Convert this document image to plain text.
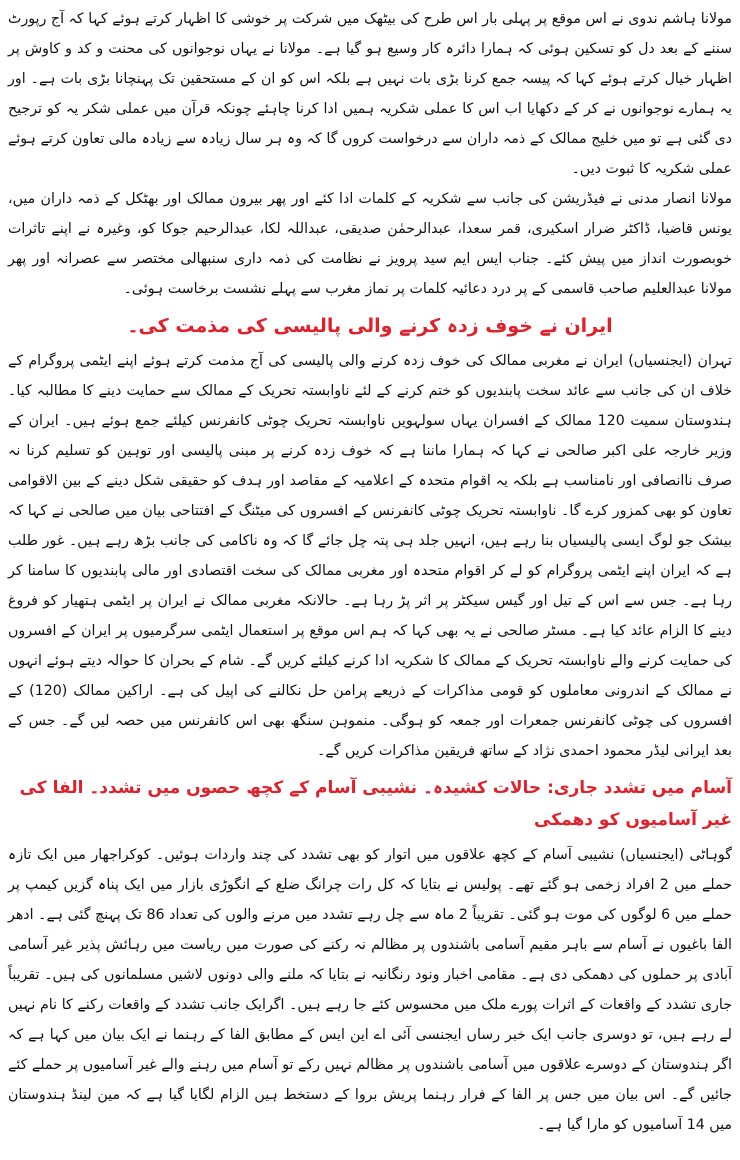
مولانا ہاشم ندوی نے اس موقع پر پہلی بار اس طرح کی بیٹھک میں شرکت پر خوشی کا اظہار کرتے ہوئے کہا کہ آج رپورٹ سننے کے بعد دل کو تسکین ہوئی کہ ہمارا دائرہ کار وسیع ہو گیا ہے۔ مولانا نے یہاں نوجوانوں کی محنت و کد و کاوش پر اظہار خیال کرتے ہوئے کہا کہ پیسہ جمع کرنا بڑی بات نہیں ہے بلکہ اس کو ان کے مستحقین تک پہنچانا بڑی بات ہے۔ اور یہ ہمارے نوجوانوں نے کر کے دکھایا اب اس کا عملی شکریہ ہمیں ادا کرنا چاہئے چونکہ قرآن میں عملی شکر یہ کو ترجیح دی گئی ہے تو میں خلیج ممالک کے ذمہ داران سے درخواست کروں گا کہ وہ ہر سال زیادہ سے زیادہ مالی تعاون کرتے ہوئے عملی شکریہ کا ثبوت دیں۔

مولانا انصار مدنی نے فیڈریشن کی جانب سے شکریہ کے کلمات ادا کئے اور پھر بیرون ممالک اور بھٹکل کے ذمہ داران میں، یونس قاضیا، ڈاکٹر ضرار اسکیری، قمر سعدا، عبدالرحمٰن صدیقی، عبداللہ لکا، عبدالرحیم جوکا کو، وغیرہ نے اپنے تاثرات خوبصورت انداز میں پیش کئے۔ جناب ایس ایم سید پرویز نے نظامت کی ذمہ داری سنبھالی مختصر سے عصرانہ اور پھر مولانا عبدالعلیم صاحب قاسمی کے پر درد دعائیہ کلمات پر نماز مغرب سے پہلے نشست برخاست ہوئی۔

ایران نے خوف زدہ کرنے والی پالیسی کی مذمت کی۔

تہران (ایجنسیاں) ایران نے مغربی ممالک کی خوف زدہ کرنے والی پالیسی کی آج مذمت کرتے ہوئے اپنے ایٹمی پروگرام کے خلاف ان کی جانب سے عائد سخت پابندیوں کو ختم کرنے کے لئے ناوابستہ تحریک کے ممالک سے حمایت دینے کا مطالبہ کیا۔ ہندوستان سمیت 120 ممالک کے افسران یہاں سولہویں ناوابستہ تحریک چوٹی کانفرنس کیلئے جمع ہوئے ہیں۔ ایران کے وزیر خارجہ علی اکبر صالحی نے کہا کہ ہمارا ماننا ہے کہ خوف زدہ کرنے پر مبنی پالیسی اور توہین کو تسلیم کرنا نہ صرف ناانصافی اور نامناسب ہے بلکہ یہ اقوام متحدہ کے اعلامیہ کے مقاصد اور ہدف کو حقیقی شکل دینے کے بین الاقوامی تعاون کو بھی کمزور کرے گا۔ ناوابستہ تحریک چوٹی کانفرنس کے افسروں کی میٹنگ کے افتتاحی بیان میں صالحی نے کہا کہ بیشک جو لوگ ایسی پالیسیاں بنا رہے ہیں، انہیں جلد ہی پتہ چل جائے گا کہ وہ ناکامی کی جانب بڑھ رہے ہیں۔ غور طلب ہے کہ ایران اپنے ایٹمی پروگرام کو لے کر اقوام متحدہ اور مغربی ممالک کی سخت اقتصادی اور مالی پابندیوں کا سامنا کر رہا ہے۔ جس سے اس کے تیل اور گیس سیکٹر پر اثر پڑ رہا ہے۔ حالانکہ مغربی ممالک نے ایران پر ایٹمی ہتھیار کو فروغ دینے کا الزام عائد کیا ہے۔ مسٹر صالحی نے یہ بھی کہا کہ ہم اس موقع پر استعمال ایٹمی سرگرمیوں پر ایران کے افسروں کی حمایت کرنے والے ناوابستہ تحریک کے ممالک کا شکریہ ادا کرنے کیلئے کریں گے۔ شام کے بحران کا حوالہ دیتے ہوئے انہوں نے ممالک کے اندرونی معاملوں کو قومی مذاکرات کے ذریعے پرامن حل نکالنے کی اپیل کی ہے۔ اراکین ممالک (120) کے افسروں کی چوٹی کانفرنس جمعرات اور جمعہ کو ہوگی۔ منموہن سنگھ بھی اس کانفرنس میں حصہ لیں گے۔ جس کے بعد ایرانی لیڈر محمود احمدی نژاد کے ساتھ فریقین مذاکرات کریں گے۔

آسام میں تشدد جاری: حالات کشیدہ۔ نشیبی آسام کے کچھ حصوں میں تشدد۔ الفا کی غیر آسامیوں کو دھمکی

گوہاٹی (ایجنسیاں) نشیبی آسام کے کچھ علاقوں میں اتوار کو بھی تشدد کی چند واردات ہوئیں۔ کوکراجھار میں ایک تازہ حملے میں 2 افراد زخمی ہو گئے تھے۔ پولیس نے بتایا کہ کل رات چرانگ ضلع کے انگوڑی بازار میں ایک پناہ گزیں کیمپ پر حملے میں 6 لوگوں کی موت ہو گئی۔ تقریباً 2 ماہ سے چل رہے تشدد میں مرنے والوں کی تعداد 86 تک پہنچ گئی ہے۔ ادھر الفا باغیوں نے آسام سے باہر مقیم آسامی باشندوں پر مظالم نہ رکنے کی صورت میں ریاست میں رہائش پذیر غیر آسامی آبادی پر حملوں کی دھمکی دی ہے۔ مقامی اخبار ونود رنگانیہ نے بتایا کہ ملنے والی دونوں لاشیں مسلمانوں کی ہیں۔ تقریباً جاری تشدد کے واقعات کے اثرات پورے ملک میں محسوس کئے جا رہے ہیں۔ اگرایک جانب تشدد کے واقعات رکنے کا نام نہیں لے رہے ہیں، تو دوسری جانب ایک خبر رساں ایجنسی آئی اے این ایس کے مطابق الفا کے رہنما نے ایک بیان میں کہا ہے کہ اگر ہندوستان کے دوسرے علاقوں میں آسامی باشندوں پر مظالم نہیں رکے تو آسام میں رہنے والے غیر آسامیوں پر حملے کئے جائیں گے۔ اس بیان میں جس پر الفا کے فرار رہنما پریش بروا کے دستخط ہیں الزام لگایا گیا ہے کہ مین لینڈ ہندوستان میں 14 آسامیوں کو مارا گیا ہے۔
